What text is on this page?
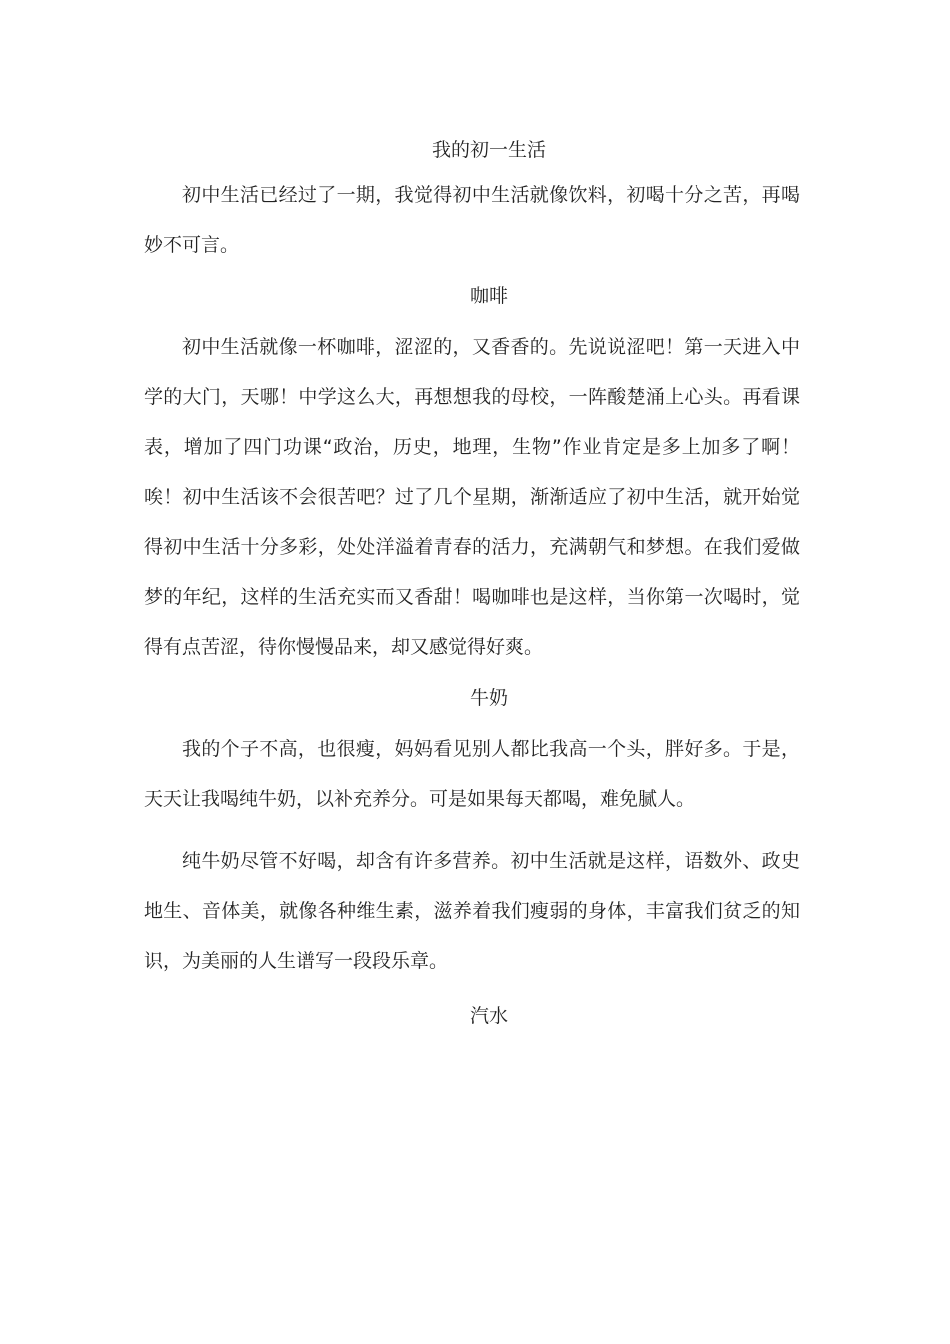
我的初一生活

初中生活已经过了一期，我觉得初中生活就像饮料，初喝十分之苦，再喝妙不可言。

咖啡

初中生活就像一杯咖啡，涩涩的，又香香的。先说说涩吧！第一天进入中学的大门，天哪！中学这么大，再想想我的母校，一阵酸楚涌上心头。再看课表，增加了四门功课“政治，历史，地理，生物”作业肯定是多上加多了啊！唉！初中生活该不会很苦吧？过了几个星期，渐渐适应了初中生活，就开始觉得初中生活十分多彩，处处洋溢着青春的活力，充满朝气和梦想。在我们爱做梦的年纪，这样的生活充实而又香甜！喝咖啡也是这样，当你第一次喝时，觉得有点苦涩，待你慢慢品来，却又感觉得好爽。

牛奶

我的个子不高，也很瘦，妈妈看见别人都比我高一个头，胖好多。于是，天天让我喝纯牛奶，以补充养分。可是如果每天都喝，难免腻人。

纯牛奶尽管不好喝，却含有许多营养。初中生活就是这样，语数外、政史地生、音体美，就像各种维生素，滋养着我们瘦弱的身体，丰富我们贫乏的知识，为美丽的人生谱写一段段乐章。

汽水
